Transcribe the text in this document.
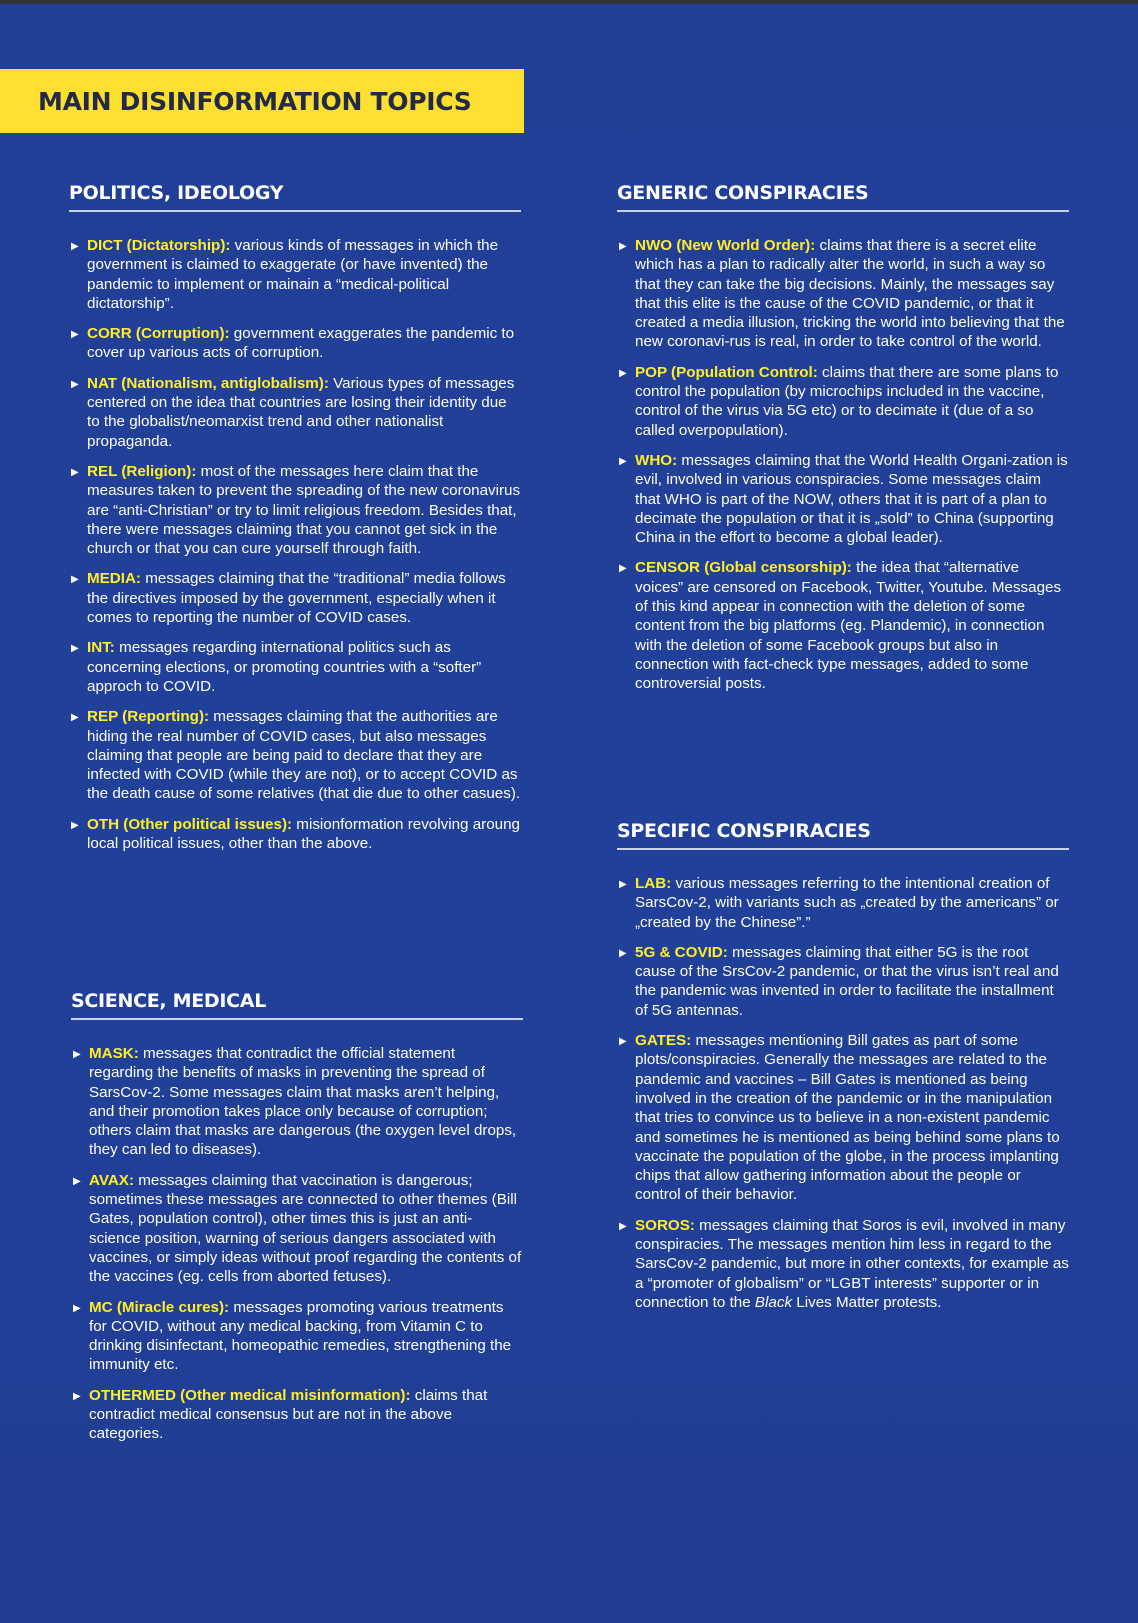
MAIN DISINFORMATION TOPICS
POLITICS, IDEOLOGY
▶ DICT (Dictatorship): various kinds of messages in which the government is claimed to exaggerate (or have invented) the pandemic to implement or mainain a “medical-political dictatorship”.
▶ CORR (Corruption): government exaggerates the pandemic to cover up various acts of corruption.
▶ NAT (Nationalism, antiglobalism): Various types of messages centered on the idea that countries are losing their identity due to the globalist/neomarxist trend and other nationalist propaganda.
▶ REL (Religion): most of the messages here claim that the measures taken to prevent the spreading of the new coronavirus are “anti-Christian” or try to limit religious freedom. Besides that, there were messages claiming that you cannot get sick in the church or that you can cure yourself through faith.
▶ MEDIA: messages claiming that the “traditional” media follows the directives imposed by the government, especially when it comes to reporting the number of COVID cases.
▶ INT: messages regarding international politics such as concerning elections, or promoting countries with a “softer” approch to COVID.
▶ REP (Reporting): messages claiming that the authorities are hiding the real number of COVID cases, but also messages claiming that people are being paid to declare that they are infected with COVID (while they are not), or to accept COVID as the death cause of some relatives (that die due to other casues).
▶ OTH (Other political issues): misionformation revolving aroung local political issues, other than the above.
SCIENCE, MEDICAL
▶ MASK: messages that contradict the official statement regarding the benefits of masks in preventing the spread of SarsCov-2. Some messages claim that masks aren’t helping, and their promotion takes place only because of corruption; others claim that masks are dangerous (the oxygen level drops, they can led to diseases).
▶ AVAX: messages claiming that vaccination is dangerous; sometimes these messages are connected to other themes (Bill Gates, population control), other times this is just an anti-science position, warning of serious dangers associated with vaccines, or simply ideas without proof regarding the contents of the vaccines (eg. cells from aborted fetuses).
▶ MC (Miracle cures): messages promoting various treatments for COVID, without any medical backing, from Vitamin C to drinking disinfectant, homeopathic remedies, strengthening the immunity etc.
▶ OTHERMED (Other medical misinformation): claims that contradict medical consensus but are not in the above categories.
GENERIC CONSPIRACIES
▶ NWO (New World Order): claims that there is a secret elite which has a plan to radically alter the world, in such a way so that they can take the big decisions. Mainly, the messages say that this elite is the cause of the COVID pandemic, or that it created a media illusion, tricking the world into believing that the new coronavi-rus is real, in order to take control of the world.
▶ POP (Population Control: claims that there are some plans to control the population (by microchips included in the vaccine, control of the virus via 5G etc) or to decimate it (due of a so called overpopulation).
▶ WHO: messages claiming that the World Health Organi-zation is evil, involved in various conspiracies. Some messages claim that WHO is part of the NOW, others that it is part of a plan to decimate the population or that it is „sold” to China (supporting China in the effort to become a global leader).
▶ CENSOR (Global censorship): the idea that “alternative voices” are censored on Facebook, Twitter, Youtube. Messages of this kind appear in connection with the deletion of some content from the big platforms (eg. Plandemic), in connection with the deletion of some Facebook groups but also in connection with fact-check type messages, added to some controversial posts.
SPECIFIC CONSPIRACIES
▶ LAB: various messages referring to the intentional creation of SarsCov-2, with variants such as „created by the americans” or „created by the Chinese”.”
▶ 5G & COVID: messages claiming that either 5G is the root cause of the SrsCov-2 pandemic, or that the virus isn’t real and the pandemic was invented in order to facilitate the installment of 5G antennas.
▶ GATES: messages mentioning Bill gates as part of some plots/conspiracies. Generally the messages are related to the pandemic and vaccines – Bill Gates is mentioned as being involved in the creation of the pandemic or in the manipulation that tries to convince us to believe in a non-existent pandemic and sometimes he is mentioned as being behind some plans to vaccinate the population of the globe, in the process implanting chips that allow gathering information about the people or control of their behavior.
▶ SOROS: messages claiming that Soros is evil, involved in many conspiracies. The messages mention him less in regard to the SarsCov-2 pandemic, but more in other contexts, for example as a “promoter of globalism” or “LGBT interests” supporter or in connection to the Black Lives Matter protests.
